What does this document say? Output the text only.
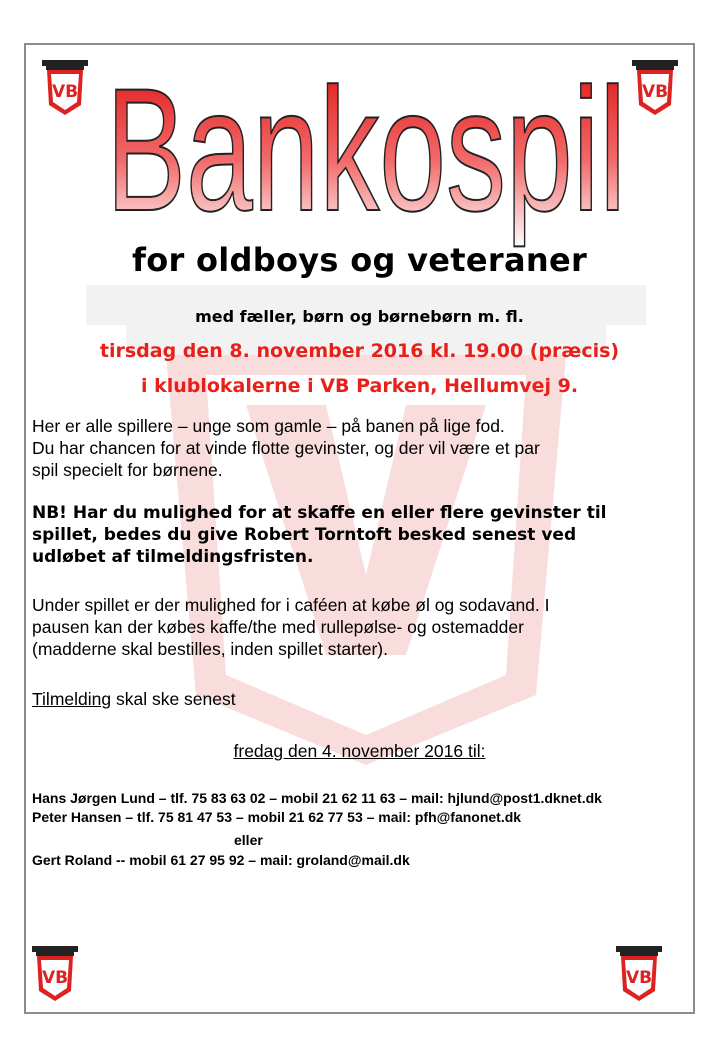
VB	VB
VB	VB
Bankospil
for oldboys og veteraner
med fæller, børn og børnebørn m. fl.
tirsdag den 8. november 2016 kl. 19.00 (præcis)
i klublokalerne i VB Parken, Hellumvej 9.
Her er alle spillere – unge som gamle – på banen på lige fod.
Du har chancen for at vinde flotte gevinster, og der vil være et par
spil specielt for børnene.
NB! Har du mulighed for at skaffe en eller flere gevinster til
spillet, bedes du give Robert Torntoft besked senest ved
udløbet af tilmeldingsfristen.
Under spillet er der mulighed for i caféen at købe øl og sodavand. I
pausen kan der købes kaffe/the med rullepølse- og ostemadder
(madderne skal bestilles, inden spillet starter).
Tilmelding skal ske senest
fredag den 4. november 2016 til:
Hans Jørgen Lund – tlf. 75 83 63 02 – mobil 21 62 11 63 – mail: hjlund@post1.dknet.dk
Peter Hansen – tlf. 75 81 47 53 – mobil 21 62 77 53 – mail: pfh@fanonet.dk
eller
Gert Roland -- mobil 61 27 95 92 – mail: groland@mail.dk
